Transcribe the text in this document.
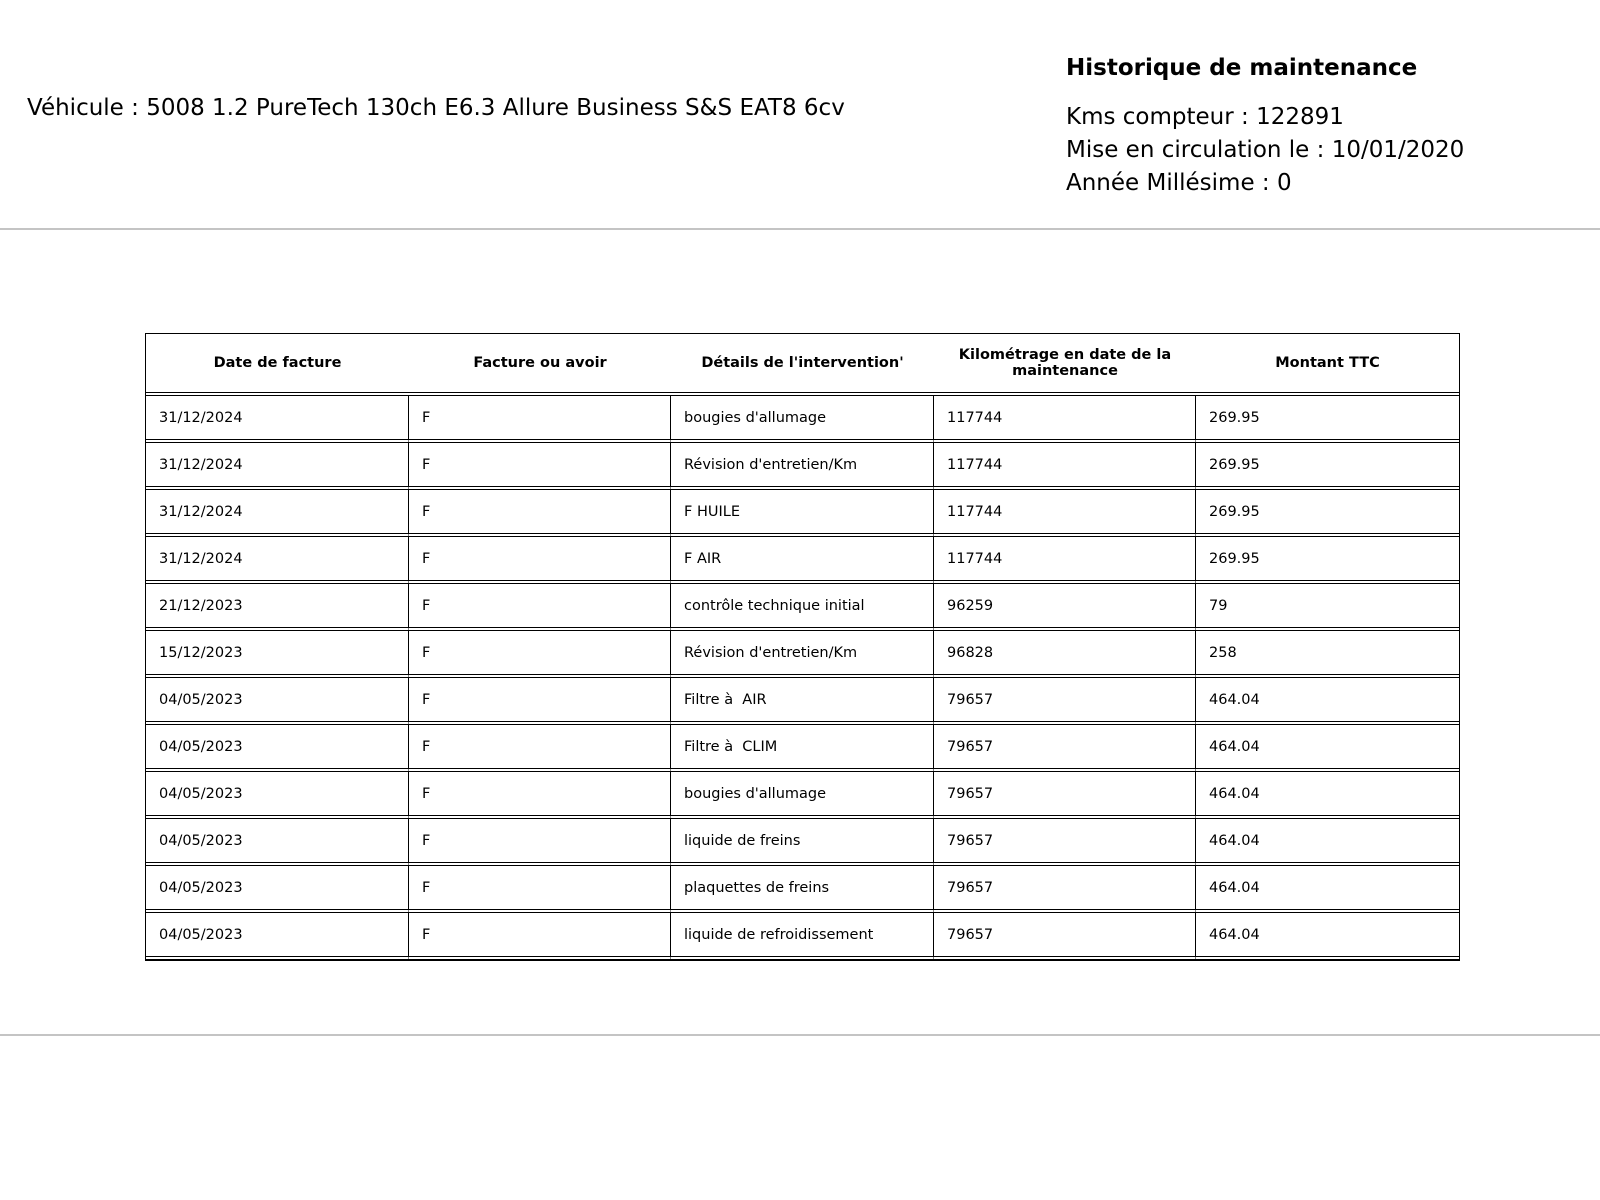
Véhicule : 5008 1.2 PureTech 130ch E6.3 Allure Business S&S EAT8 6cv
Historique de maintenance
Kms compteur : 122891
Mise en circulation le : 10/01/2020
Année Millésime : 0
Date de facture	Facture ou avoir	Détails de l'intervention'	Kilométrage en date de la maintenance	Montant TTC
31/12/2024	F	bougies d'allumage	117744	269.95
31/12/2024	F	Révision d'entretien/Km	117744	269.95
31/12/2024	F	F HUILE	117744	269.95
31/12/2024	F	F AIR	117744	269.95
21/12/2023	F	contrôle technique initial	96259	79
15/12/2023	F	Révision d'entretien/Km	96828	258
04/05/2023	F	Filtre à  AIR	79657	464.04
04/05/2023	F	Filtre à  CLIM	79657	464.04
04/05/2023	F	bougies d'allumage	79657	464.04
04/05/2023	F	liquide de freins	79657	464.04
04/05/2023	F	plaquettes de freins	79657	464.04
04/05/2023	F	liquide de refroidissement	79657	464.04
